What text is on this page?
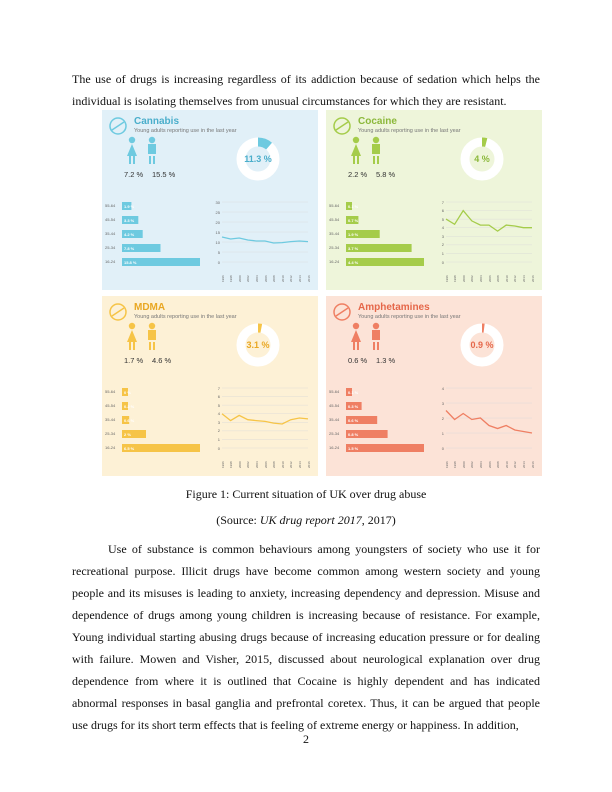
The use of drugs is increasing regardless of its addiction because of sedation which helps the individual is isolating themselves from unusual circumstances for which they are resistant.

Cannabis
Young adults reporting use in the last year
7.2 % 15.5 %
11.3 %
55-64 1.9 %
45-54 3.3 %
35-44 4.2 %
25-34 7.8 %
16-24 15.8 %
30
25
20
15
10
5
0
1996 1998 2000 2002 2004 2006 2008 2010 2012 2014 2016
Cocaine
Young adults reporting use in the last year
2.2 % 5.8 %
4 %
55-64 0.1 %
45-54 0.7 %
35-44 1.9 %
25-34 3.7 %
16-24 4.4 %
7
6
5
4
3
2
1
0
1996 1998 2000 2002 2004 2006 2008 2010 2012 2014 2016
MDMA
Young adults reporting use in the last year
1.7 % 4.6 %
3.1 %
55-64 0 %
45-54 0.2 %
35-44 0.6 %
25-34 2 %
16-24 6.5 %
7
6
5
4
3
2
1
0
1996 1998 2000 2002 2004 2006 2008 2010 2012 2014 2016
Amphetamines
Young adults reporting use in the last year
0.6 % 1.3 %
0.9 %
55-64 0.1 %
45-54 0.3 %
35-44 0.6 %
25-34 0.8 %
16-24 1.5 %
4
3
2
1
0
1996 1998 2000 2002 2004 2006 2008 2010 2012 2014 2016

Figure 1: Current situation of UK over drug abuse

(Source: UK drug report 2017, 2017)

Use of substance is common behaviours among youngsters of society who use it for recreational purpose. Illicit drugs have become common among western society and young people and its misuses is leading to anxiety, increasing dependency and depression. Misuse and dependence of drugs among young children is increasing because of resistance. For example, Young individual starting abusing drugs because of increasing education pressure or for dealing with failure. Mowen and Visher, 2015, discussed about neurological explanation over drug dependence from where it is outlined that Cocaine is highly dependent and has indicated abnormal responses in basal ganglia and prefrontal coretex. Thus, it can be argued that people use drugs for its short term effects that is feeling of extreme energy or happiness. In addition,

2
